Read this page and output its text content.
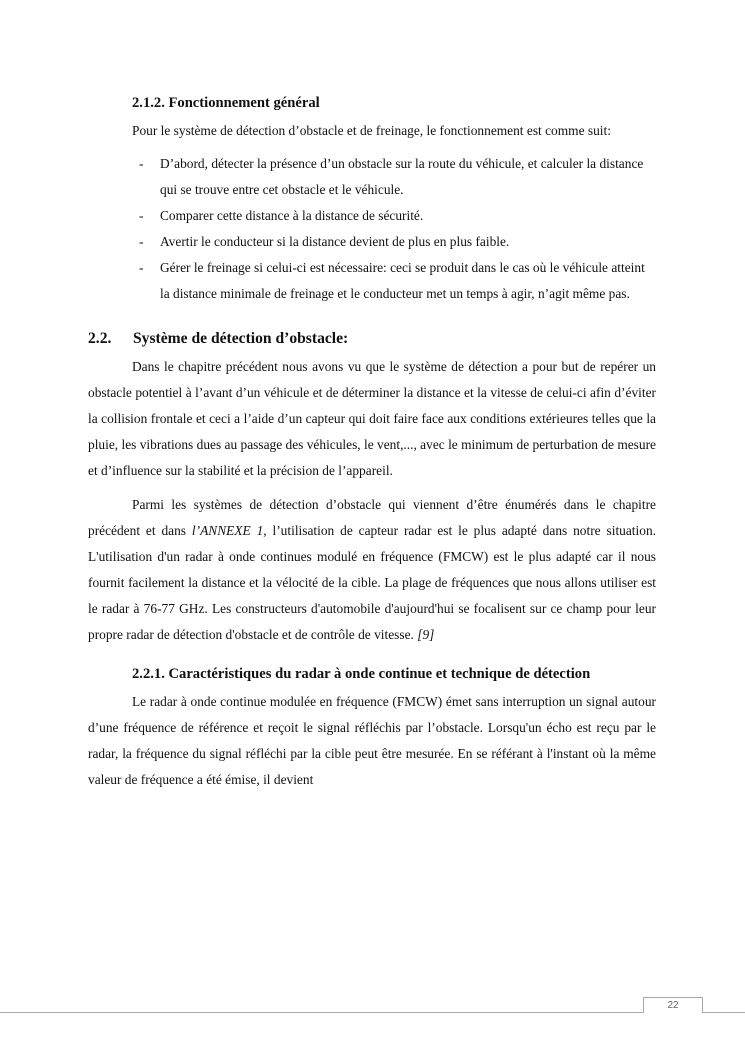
2.1.2. Fonctionnement général

Pour le système de détection d’obstacle et de freinage, le fonctionnement est comme suit:

- D’abord, détecter la présence d’un obstacle sur la route du véhicule, et calculer la distance qui se trouve entre cet obstacle et le véhicule.
- Comparer cette distance à la distance de sécurité.
- Avertir le conducteur si la distance devient de plus en plus faible.
- Gérer le freinage si celui-ci est nécessaire: ceci se produit dans le cas où le véhicule atteint la distance minimale de freinage et le conducteur met un temps à agir, n’agit même pas.
2.2. Système de détection d’obstacle:

Dans le chapitre précédent nous avons vu que le système de détection a pour but de repérer un obstacle potentiel à l’avant d’un véhicule et de déterminer la distance et la vitesse de celui-ci afin d’éviter la collision frontale et ceci a l’aide d’un capteur qui doit faire face aux conditions extérieures telles que la pluie, les vibrations dues au passage des véhicules, le vent,..., avec le minimum de perturbation de mesure et d’influence sur la stabilité et la précision de l’appareil.

Parmi les systèmes de détection d’obstacle qui viennent d’être énumérés dans le chapitre précédent et dans l’ANNEXE 1, l’utilisation de capteur radar est le plus adapté dans notre situation. L'utilisation d'un radar à onde continues modulé en fréquence (FMCW) est le plus adapté car il nous fournit facilement la distance et la vélocité de la cible. La plage de fréquences que nous allons utiliser est le radar à 76-77 GHz. Les constructeurs d'automobile d'aujourd'hui se focalisent sur ce champ pour leur propre radar de détection d'obstacle et de contrôle de vitesse. [9]

2.2.1. Caractéristiques du radar à onde continue et technique de détection

Le radar à onde continue modulée en fréquence (FMCW) émet sans interruption un signal autour d’une fréquence de référence et reçoit le signal réfléchis par l’obstacle. Lorsqu'un écho est reçu par le radar, la fréquence du signal réfléchi par la cible peut être mesurée. En se référant à l'instant où la même valeur de fréquence a été émise, il devient

22
